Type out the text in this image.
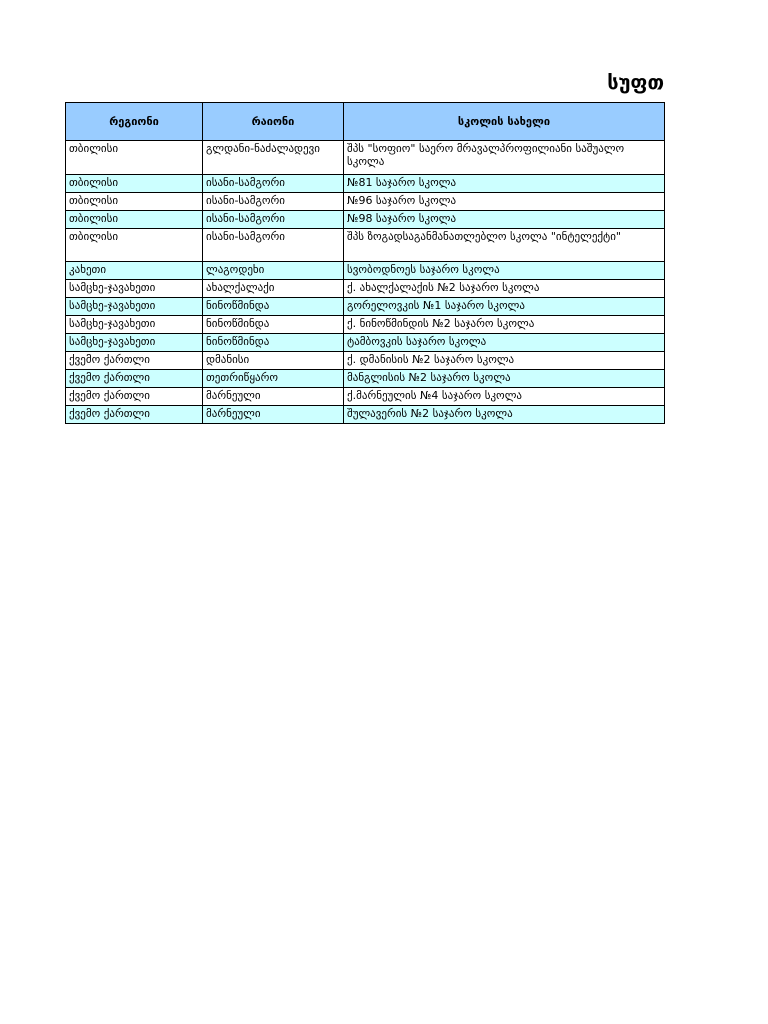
სუფთ
რეგიონი	რაიონი	სკოლის სახელი
თბილისი	გლდანი-ნაძალადევი	შპს "სოფიო" საერო მრავალპროფილიანი საშუალო სკოლა
თბილისი	ისანი-სამგორი	№81 საჯარო სკოლა
თბილისი	ისანი-სამგორი	№96 საჯარო სკოლა
თბილისი	ისანი-სამგორი	№98 საჯარო სკოლა
თბილისი	ისანი-სამგორი	შპს ზოგადსაგანმანათლებლო სკოლა "ინტელექტი"
კახეთი	ლაგოდეხი	სვობოდნოეს საჯარო სკოლა
სამცხე-ჯავახეთი	ახალქალაქი	ქ. ახალქალაქის №2 საჯარო სკოლა
სამცხე-ჯავახეთი	ნინოწმინდა	გორელოვკის №1 საჯარო სკოლა
სამცხე-ჯავახეთი	ნინოწმინდა	ქ. ნინოწმინდის №2 საჯარო სკოლა
სამცხე-ჯავახეთი	ნინოწმინდა	ტამბოვკის საჯარო სკოლა
ქვემო ქართლი	დმანისი	ქ. დმანისის №2 საჯარო სკოლა
ქვემო ქართლი	თეთრიწყარო	მანგლისის №2 საჯარო სკოლა
ქვემო ქართლი	მარნეული	ქ.მარნეულის №4 საჯარო სკოლა
ქვემო ქართლი	მარნეული	შულავერის №2 საჯარო სკოლა
